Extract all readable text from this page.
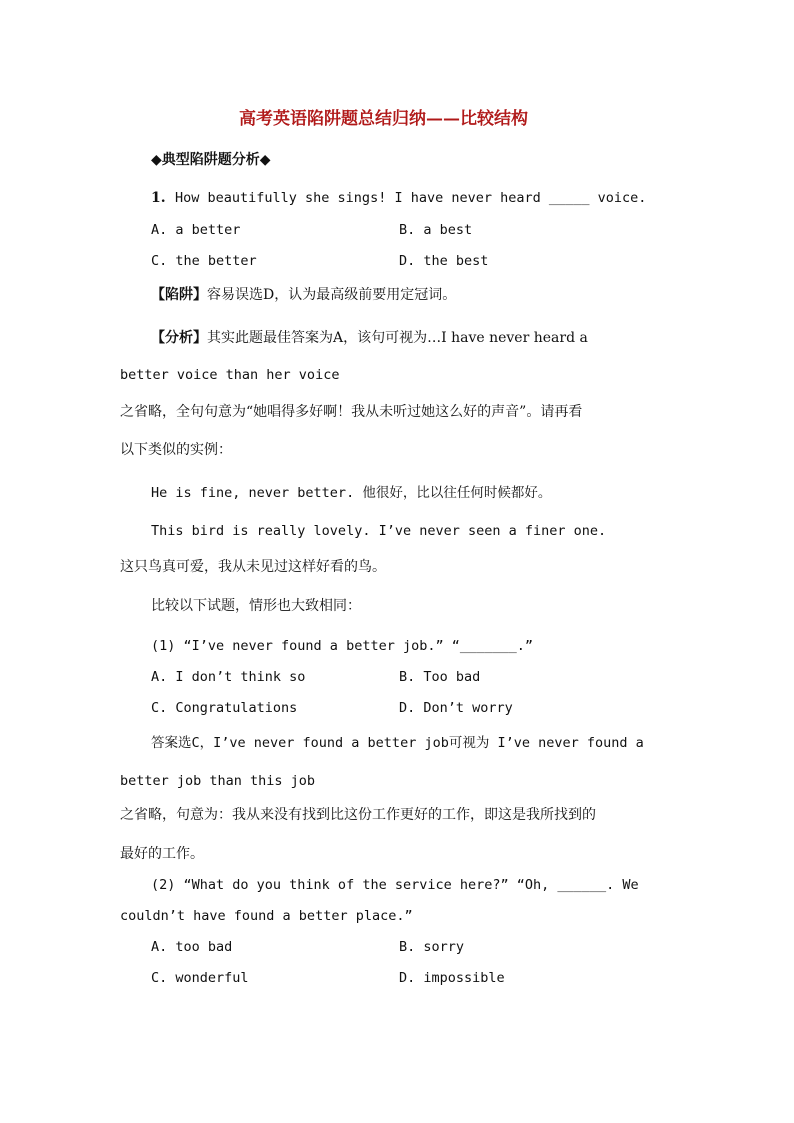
高考英语陷阱题总结归纳——比较结构
◆典型陷阱题分析◆
1. How beautifully she sings! I have never heard _____ voice.
A. a better	B. a best
C. the better	D. the best
【陷阱】容易误选D，认为最高级前要用定冠词。
【分析】其实此题最佳答案为A，该句可视为…I have never heard a
better voice than her voice
之省略，全句句意为“她唱得多好啊！我从未听过她这么好的声音”。请再看
以下类似的实例：
He is fine, never better. 他很好，比以往任何时候都好。
This bird is really lovely. I’ve never seen a finer one.
这只鸟真可爱，我从未见过这样好看的鸟。
比较以下试题，情形也大致相同：
(1) “I’ve never found a better job.” “_______.”
A. I don’t think so	B. Too bad
C. Congratulations	D. Don’t worry
答案选C，I’ve never found a better job可视为 I’ve never found a
better job than this job
之省略，句意为：我从来没有找到比这份工作更好的工作，即这是我所找到的
最好的工作。
(2) “What do you think of the service here?” “Oh, ______. We
couldn’t have found a better place.”
A. too bad	B. sorry
C. wonderful	D. impossible
